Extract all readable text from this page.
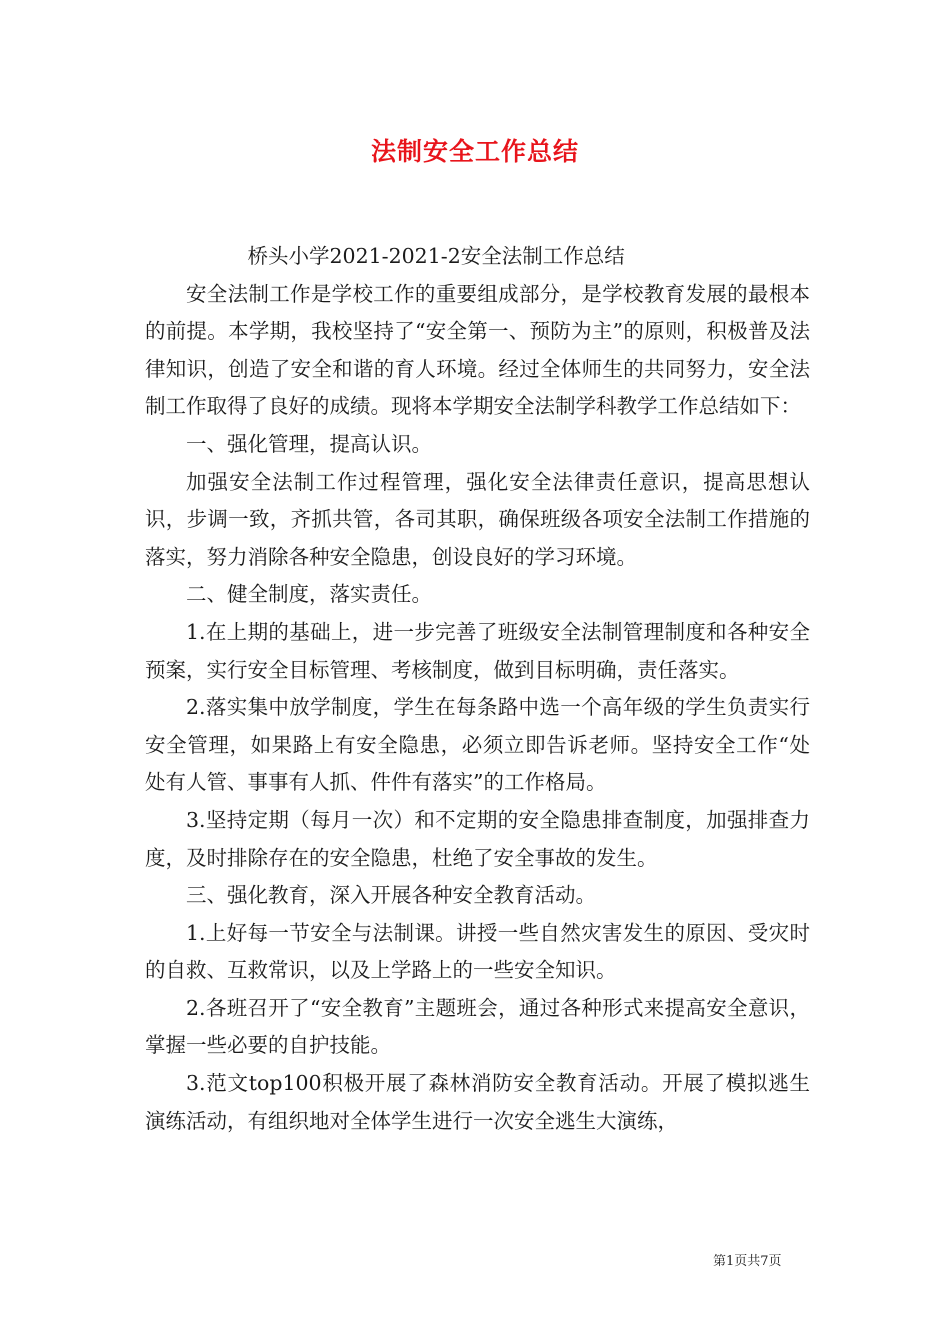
法制安全工作总结

桥头小学2021-2021-2安全法制工作总结

安全法制工作是学校工作的重要组成部分，是学校教育发展的最根本的前提。本学期，我校坚持了“安全第一、预防为主”的原则，积极普及法律知识，创造了安全和谐的育人环境。经过全体师生的共同努力，安全法制工作取得了良好的成绩。现将本学期安全法制学科教学工作总结如下：

一、强化管理，提高认识。

加强安全法制工作过程管理，强化安全法律责任意识，提高思想认识，步调一致，齐抓共管，各司其职，确保班级各项安全法制工作措施的落实，努力消除各种安全隐患，创设良好的学习环境。

二、健全制度，落实责任。

1.在上期的基础上，进一步完善了班级安全法制管理制度和各种安全预案，实行安全目标管理、考核制度，做到目标明确，责任落实。

2.落实集中放学制度，学生在每条路中选一个高年级的学生负责实行安全管理，如果路上有安全隐患，必须立即告诉老师。坚持安全工作“处处有人管、事事有人抓、件件有落实”的工作格局。

3.坚持定期（每月一次）和不定期的安全隐患排查制度，加强排查力度，及时排除存在的安全隐患，杜绝了安全事故的发生。

三、强化教育，深入开展各种安全教育活动。

1.上好每一节安全与法制课。讲授一些自然灾害发生的原因、受灾时的自救、互救常识，以及上学路上的一些安全知识。

2.各班召开了“安全教育”主题班会，通过各种形式来提高安全意识，掌握一些必要的自护技能。

3.范文top100积极开展了森林消防安全教育活动。开展了模拟逃生演练活动，有组织地对全体学生进行一次安全逃生大演练，

第1页共7页
